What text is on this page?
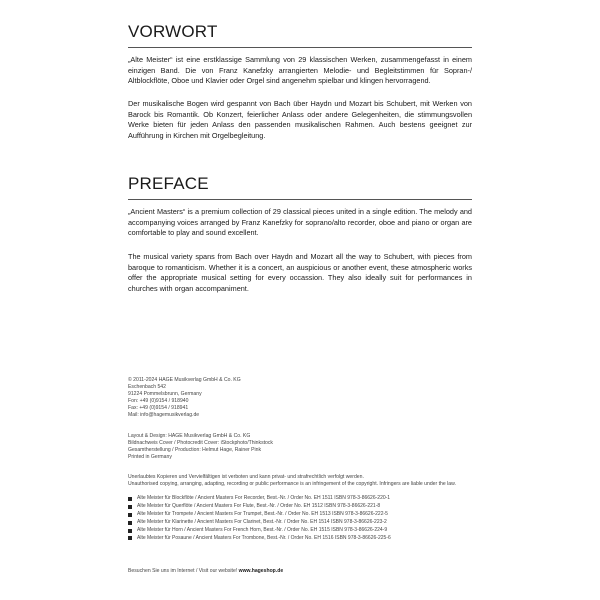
VORWORT

„Alte Meister“ ist eine erstklassige Sammlung von 29 klassischen Werken, zusammengefasst in einem einzigen Band. Die von Franz Kanefzky arrangierten Melodie- und Begleitstimmen für Sopran-/ Altblockflöte, Oboe und Klavier oder Orgel sind angenehm spielbar und klingen hervorragend.

Der musikalische Bogen wird gespannt von Bach über Haydn und Mozart bis Schubert, mit Werken von Barock bis Romantik. Ob Konzert, feierlicher Anlass oder andere Gelegenheiten, die stimmungsvollen Werke bieten für jeden Anlass den passenden musikalischen Rahmen. Auch bestens geeignet zur Aufführung in Kirchen mit Orgelbegleitung.

PREFACE

„Ancient Masters“ is a premium collection of 29 classical pieces united in a single edition. The melody and accompanying voices arranged by Franz Kanefzky for soprano/alto recorder, oboe and piano or organ are comfortable to play and sound excellent.

The musical variety spans from Bach over Haydn and Mozart all the way to Schubert, with pieces from baroque to romanticism. Whether it is a concert, an auspicious or another event, these atmospheric works offer the appropriate musical setting for every occassion. They also ideally suit for performances in churches with organ accompaniment.

© 2011-2024 HAGE Musikverlag GmbH & Co. KG
Eschenbach 542
91224 Pommelsbrunn, Germany
Fon: +49 (0)9154 / 918940
Fax: +49 (0)9154 / 918941
Mail: info@hagemusikverlag.de
Layout & Design: HAGE Musikverlag GmbH & Co. KG
Bildnachweis Cover / Photocredit Cover: iStockphoto/Thinkstock
Gesamtherstellung / Production: Helmut Hage, Rainer Pink
Printed in Germany
Unerlaubtes Kopieren und Vervielfältigen ist verboten und kann privat- und strafrechtlich verfolgt werden.
Unauthorised copying, arranging, adapting, recording or public performance is an infringement of the copyright. Infringers are liable under the law.
Alte Meister für Blockflöte / Ancient Masters For Recorder, Best.-Nr. / Order No. EH 1511 ISBN 978-3-86626-220-1
Alte Meister für Querflöte / Ancient Masters For Flute, Best.-Nr. / Order No. EH 1512 ISBN 978-3-86626-221-8
Alte Meister für Trompete / Ancient Masters For Trumpet, Best.-Nr. / Order No. EH 1513 ISBN 978-3-86626-222-5
Alte Meister für Klarinette / Ancient Masters For Clarinet, Best.-Nr. / Order No. EH 1514 ISBN 978-3-86626-223-2
Alte Meister für Horn / Ancient Masters For French Horn, Best.-Nr. / Order No. EH 1515 ISBN 978-3-86626-224-9
Alte Meister für Posaune / Ancient Masters For Trombone, Best.-Nr. / Order No. EH 1516 ISBN 978-3-86626-225-6
Besuchen Sie uns im Internet / Visit our website! www.hageshop.de
